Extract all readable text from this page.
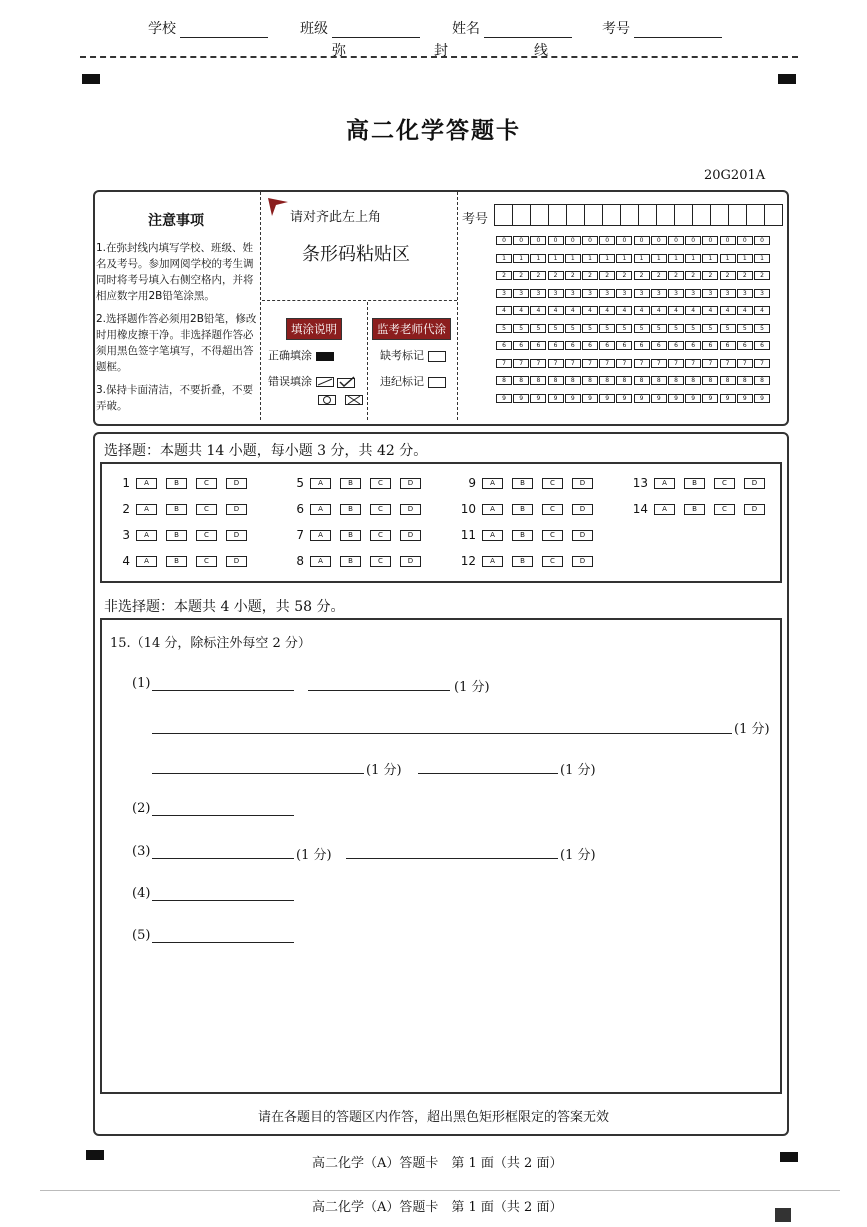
学校	班级	姓名	考号
弥	封	线
高二化学答题卡
20G201A
注意事项
1.在弥封线内填写学校、班级、姓名及考号。参加网阅学校的考生调同时将考号填入右侧空格内，并将相应数字用2B铅笔涂黑。
2.选择题作答必须用2B铅笔，修改时用橡皮擦干净。非选择题作答必须用黑色签字笔填写，不得超出答题框。
3.保持卡面清洁，不要折叠，不要弄破。
请对齐此左上角
条形码粘贴区
填涂说明
正确填涂
错误填涂
监考老师代涂
缺考标记
违纪标记
考号
0	0	0	0	0	0	0	0	0	0	0	0	0	0	0	0
1	1	1	1	1	1	1	1	1	1	1	1	1	1	1	1
2	2	2	2	2	2	2	2	2	2	2	2	2	2	2	2
3	3	3	3	3	3	3	3	3	3	3	3	3	3	3	3
4	4	4	4	4	4	4	4	4	4	4	4	4	4	4	4
5	5	5	5	5	5	5	5	5	5	5	5	5	5	5	5
6	6	6	6	6	6	6	6	6	6	6	6	6	6	6	6
7	7	7	7	7	7	7	7	7	7	7	7	7	7	7	7
8	8	8	8	8	8	8	8	8	8	8	8	8	8	8	8
9	9	9	9	9	9	9	9	9	9	9	9	9	9	9	9
选择题：本题共 14 小题，每小题 3 分，共 42 分。
1	A	B	C	D
2	A	B	C	D
3	A	B	C	D
4	A	B	C	D
5	A	B	C	D
6	A	B	C	D
7	A	B	C	D
8	A	B	C	D
9	A	B	C	D
10	A	B	C	D
11	A	B	C	D
12	A	B	C	D
13	A	B	C	D
14	A	B	C	D
非选择题：本题共 4 小题，共 58 分。
15.（14 分，除标注外每空 2 分）
(1)	(1 分)
(1 分)
(1 分)	(1 分)
(2)
(3)	(1 分)	(1 分)
(4)
(5)
请在各题目的答题区内作答，超出黑色矩形框限定的答案无效
高二化学（A）答题卡　第 1 面（共 2 面）
高二化学（A）答题卡　第 1 面（共 2 面）
